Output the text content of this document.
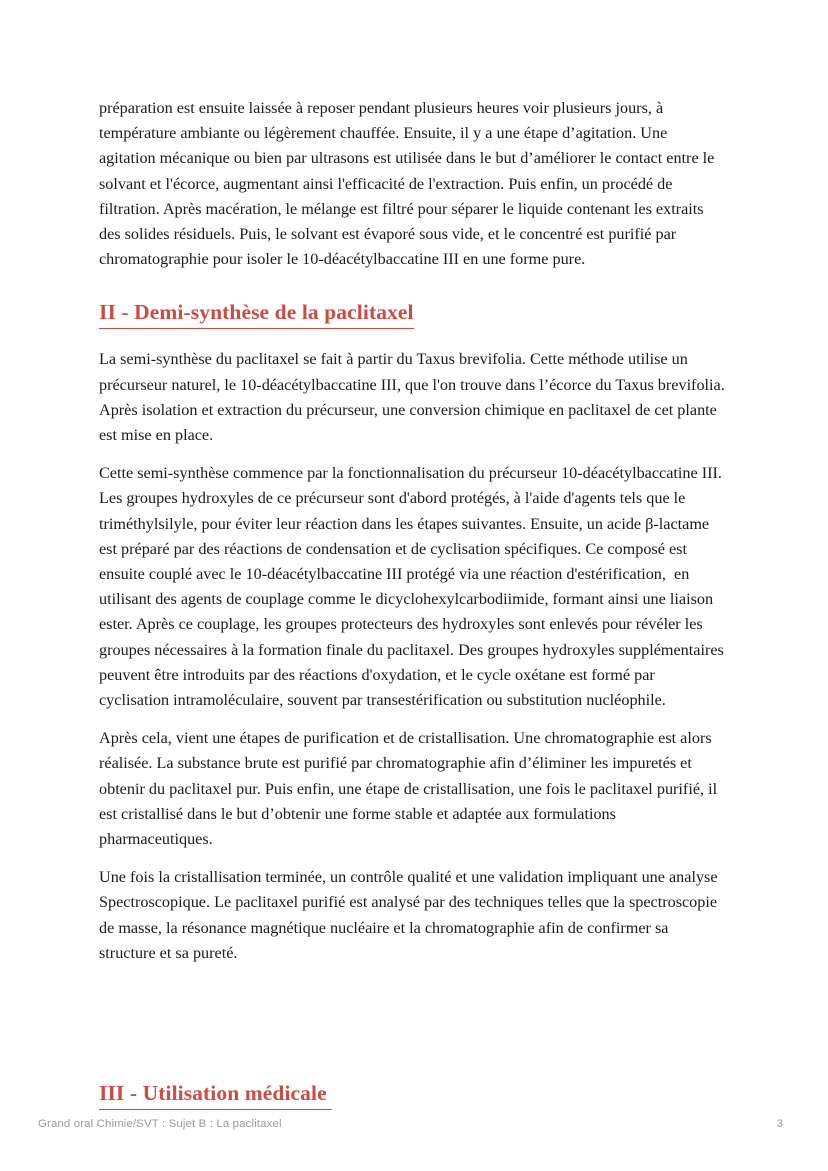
préparation est ensuite laissée à reposer pendant plusieurs heures voir plusieurs jours, à température ambiante ou légèrement chauffée. Ensuite, il y a une étape d’agitation. Une agitation mécanique ou bien par ultrasons est utilisée dans le but d’améliorer le contact entre le solvant et l'écorce, augmentant ainsi l'efficacité de l'extraction. Puis enfin, un procédé de filtration. Après macération, le mélange est filtré pour séparer le liquide contenant les extraits des solides résiduels. Puis, le solvant est évaporé sous vide, et le concentré est purifié par chromatographie pour isoler le 10-déacétylbaccatine III en une forme pure.

II - Demi-synthèse de la paclitaxel

La semi-synthèse du paclitaxel se fait à partir du Taxus brevifolia. Cette méthode utilise un précurseur naturel, le 10-déacétylbaccatine III, que l'on trouve dans l’écorce du Taxus brevifolia. Après isolation et extraction du précurseur, une conversion chimique en paclitaxel de cet plante est mise en place.

Cette semi-synthèse commence par la fonctionnalisation du précurseur 10-déacétylbaccatine III. Les groupes hydroxyles de ce précurseur sont d'abord protégés, à l'aide d'agents tels que le triméthylsilyle, pour éviter leur réaction dans les étapes suivantes. Ensuite, un acide β-lactame est préparé par des réactions de condensation et de cyclisation spécifiques. Ce composé est ensuite couplé avec le 10-déacétylbaccatine III protégé via une réaction d'estérification,  en utilisant des agents de couplage comme le dicyclohexylcarbodiimide, formant ainsi une liaison ester. Après ce couplage, les groupes protecteurs des hydroxyles sont enlevés pour révéler les groupes nécessaires à la formation finale du paclitaxel. Des groupes hydroxyles supplémentaires peuvent être introduits par des réactions d'oxydation, et le cycle oxétane est formé par cyclisation intramoléculaire, souvent par transestérification ou substitution nucléophile.

Après cela, vient une étapes de purification et de cristallisation. Une chromatographie est alors réalisée. La substance brute est purifié par chromatographie afin d’éliminer les impuretés et obtenir du paclitaxel pur. Puis enfin, une étape de cristallisation, une fois le paclitaxel purifié, il est cristallisé dans le but d’obtenir une forme stable et adaptée aux formulations pharmaceutiques.

Une fois la cristallisation terminée, un contrôle qualité et une validation impliquant une analyse Spectroscopique. Le paclitaxel purifié est analysé par des techniques telles que la spectroscopie de masse, la résonance magnétique nucléaire et la chromatographie afin de confirmer sa structure et sa pureté.

III - Utilisation médicale
Grand oral Chimie/SVT : Sujet B : La paclitaxel	3
